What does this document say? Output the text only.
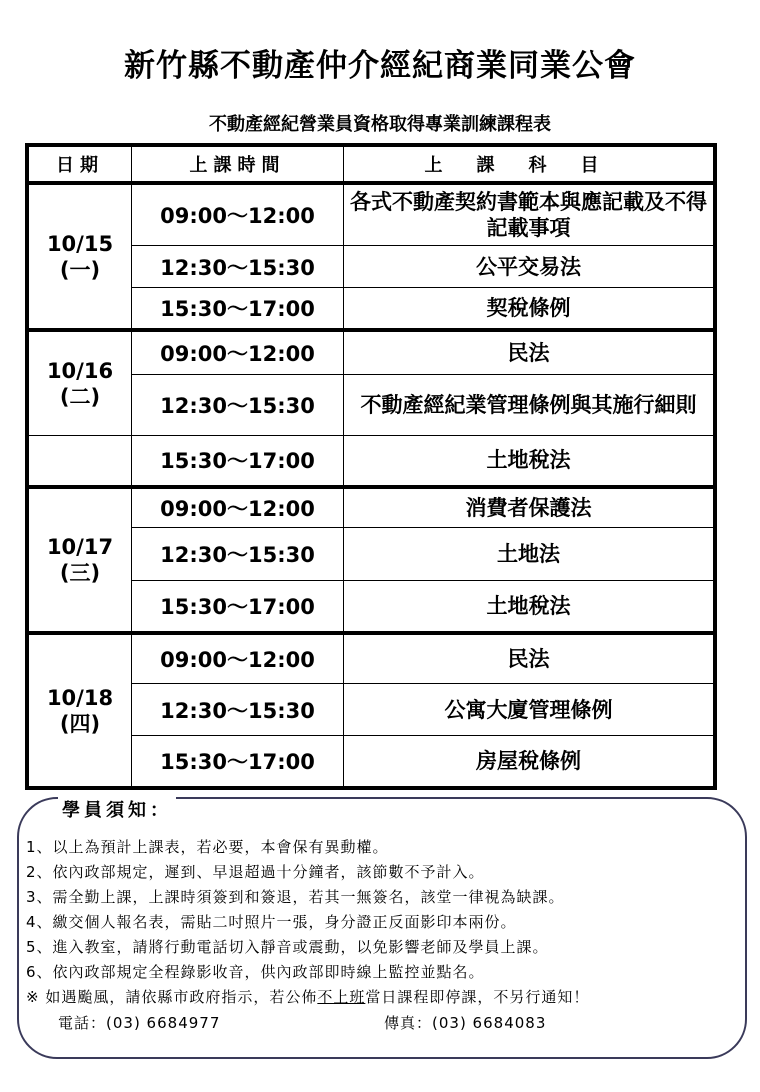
新竹縣不動產仲介經紀商業同業公會
不動產經紀營業員資格取得專業訓練課程表
日期	上課時間	上課科目

10/15
(一)	09:00～12:00	各式不動產契約書範本與應記載及不得記載事項
	12:30～15:30	公平交易法
	15:30～17:00	契稅條例

10/16
(二)	09:00～12:00	民法
	12:30～15:30	不動產經紀業管理條例與其施行細則
	15:30～17:00	土地稅法

10/17
(三)	09:00～12:00	消費者保護法
	12:30～15:30	土地法
	15:30～17:00	土地稅法

10/18
(四)	09:00～12:00	民法
	12:30～15:30	公寓大廈管理條例
	15:30～17:00	房屋稅條例
學員須知：
1、以上為預計上課表，若必要，本會保有異動權。
2、依內政部規定，遲到、早退超過十分鐘者，該節數不予計入。
3、需全勤上課，上課時須簽到和簽退，若其一無簽名，該堂一律視為缺課。
4、繳交個人報名表，需貼二吋照片一張，身分證正反面影印本兩份。
5、進入教室，請將行動電話切入靜音或震動，以免影響老師及學員上課。
6、依內政部規定全程錄影收音，供內政部即時線上監控並點名。
※ 如遇颱風，請依縣市政府指示，若公佈不上班當日課程即停課，不另行通知！
電話：(03) 6684977	傳真：(03) 6684083
